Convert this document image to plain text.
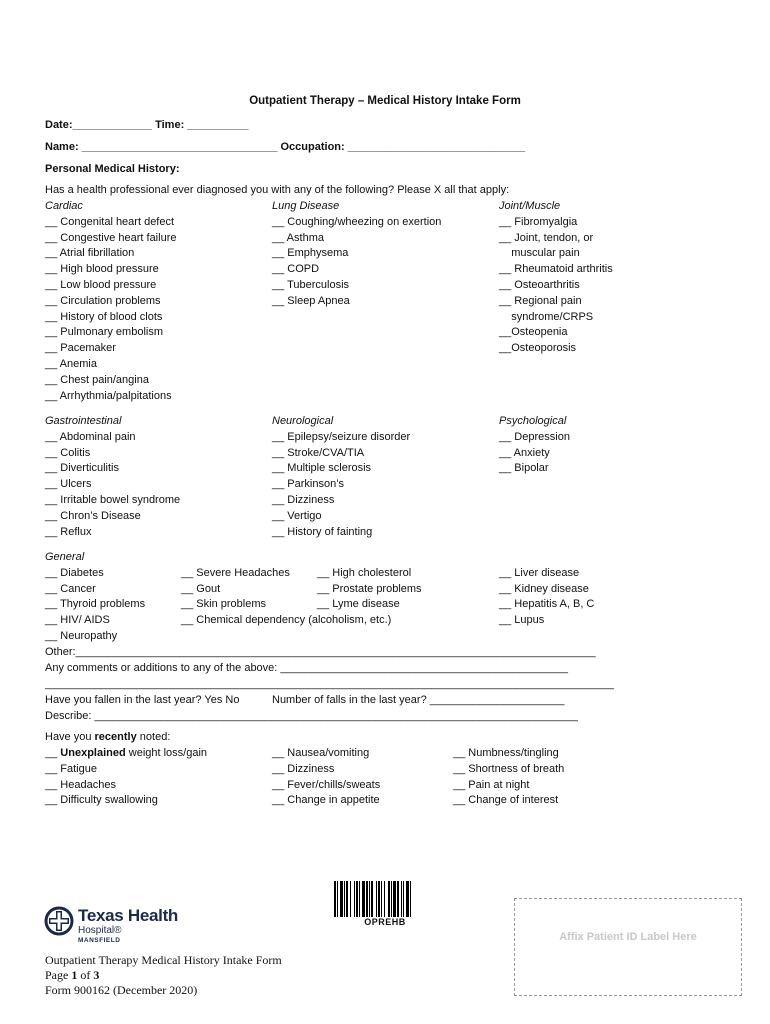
Outpatient Therapy – Medical History Intake Form
Date:_____________ Time: __________
Name: ________________________________ Occupation: _____________________________
Personal Medical History:
Has a health professional ever diagnosed you with any of the following? Please X all that apply:
Cardiac
__ Congenital heart defect
__ Congestive heart failure
__ Atrial fibrillation
__ High blood pressure
__ Low blood pressure
__ Circulation problems
__ History of blood clots
__ Pulmonary embolism
__ Pacemaker
__ Anemia
__ Chest pain/angina
__ Arrhythmia/palpitations
Lung Disease
__ Coughing/wheezing on exertion
__ Asthma
__ Emphysema
__ COPD
__ Tuberculosis
__ Sleep Apnea
Joint/Muscle
__ Fibromyalgia
__ Joint, tendon, or
muscular pain
__ Rheumatoid arthritis
__ Osteoarthritis
__ Regional pain
syndrome/CRPS
__Osteopenia
__Osteoporosis
Gastrointestinal
__ Abdominal pain
__ Colitis
__ Diverticulitis
__ Ulcers
__ Irritable bowel syndrome
__ Chron’s Disease
__ Reflux
Neurological
__ Epilepsy/seizure disorder
__ Stroke/CVA/TIA
__ Multiple sclerosis
__ Parkinson’s
__ Dizziness
__ Vertigo
__ History of fainting
Psychological
__ Depression
__ Anxiety
__ Bipolar
General
__ Diabetes
__ Cancer
__ Thyroid problems
__ HIV/ AIDS
__ Neuropathy
__ Severe Headaches
__ Gout
__ Skin problems
__ Chemical dependency (alcoholism, etc.)
__ High cholesterol
__ Prostate problems
__ Lyme disease
__ Liver disease
__ Kidney disease
__ Hepatitis A, B, C
__ Lupus
Other:_____________________________________________________________________________________
Any comments or additions to any of the above: _______________________________________________
_____________________________________________________________________________________________
Have you fallen in the last year? Yes No	Number of falls in the last year? ______________________
Describe: _______________________________________________________________________________
Have you recently noted:
__ Unexplained weight loss/gain
__ Fatigue
__ Headaches
__ Difficulty swallowing
__ Nausea/vomiting
__ Dizziness
__ Fever/chills/sweats
__ Change in appetite
__ Numbness/tingling
__ Shortness of breath
__ Pain at night
__ Change of interest
OPREHB
Texas Health
Hospital®
MANSFIELD	Affix Patient ID Label Here
Outpatient Therapy Medical History Intake Form
Page 1 of 3
Form 900162 (December 2020)
